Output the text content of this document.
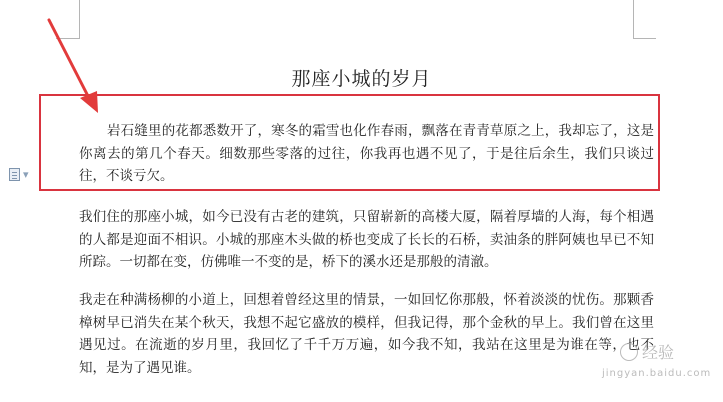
那座小城的岁月

岩石缝里的花都悉数开了，寒冬的霜雪也化作春雨，飘落在青青草原之上，我却忘了，这是你离去的第几个春天。细数那些零落的过往，你我再也遇不见了，于是往后余生，我们只谈过往，不谈亏欠。

我们住的那座小城，如今已没有古老的建筑，只留崭新的高楼大厦，隔着厚墙的人海，每个相遇的人都是迎面不相识。小城的那座木头做的桥也变成了长长的石桥，卖油条的胖阿姨也早已不知所踪。一切都在变，仿佛唯一不变的是，桥下的溪水还是那般的清澈。

我走在种满杨柳的小道上，回想着曾经这里的情景，一如回忆你那般，怀着淡淡的忧伤。那颗香樟树早已消失在某个秋天，我想不起它盛放的模样，但我记得，那个金秋的早上。我们曾在这里遇见过。在流逝的岁月里，我回忆了千千万万遍，如今我不知，我站在这里是为谁在等，也不知，是为了遇见谁。

▾
经验
jingyan.baidu.com
